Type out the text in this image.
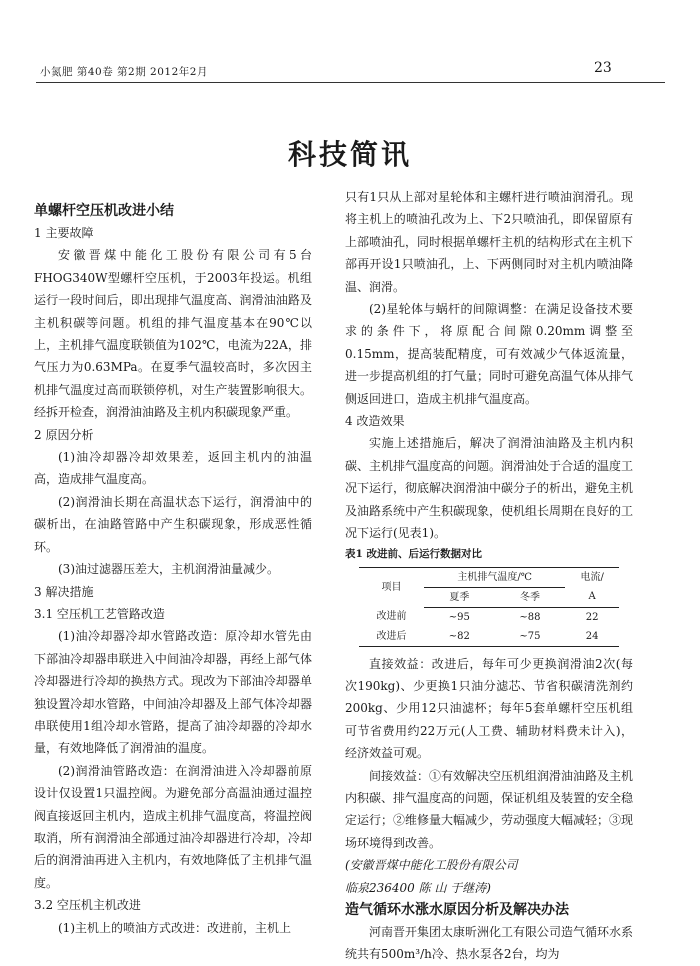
小氮肥 第40卷 第2期 2012年2月	23
科技简讯

单螺杆空压机改进小结

1 主要故障

安徽晋煤中能化工股份有限公司有5台FHOG340W型螺杆空压机，于2003年投运。机组运行一段时间后，即出现排气温度高、润滑油油路及主机积碳等问题。机组的排气温度基本在90℃以上，主机排气温度联锁值为102℃，电流为22A，排气压力为0.63MPa。在夏季气温较高时，多次因主机排气温度过高而联锁停机，对生产装置影响很大。经拆开检查，润滑油油路及主机内积碳现象严重。

2 原因分析

(1)油冷却器冷却效果差，返回主机内的油温高，造成排气温度高。

(2)润滑油长期在高温状态下运行，润滑油中的碳析出，在油路管路中产生积碳现象，形成恶性循环。

(3)油过滤器压差大，主机润滑油量减少。

3 解决措施

3.1 空压机工艺管路改造

(1)油冷却器冷却水管路改造：原冷却水管先由下部油冷却器串联进入中间油冷却器，再经上部气体冷却器进行冷却的换热方式。现改为下部油冷却器单独设置冷却水管路，中间油冷却器及上部气体冷却器串联使用1组冷却水管路，提高了油冷却器的冷却水量，有效地降低了润滑油的温度。

(2)润滑油管路改造：在润滑油进入冷却器前原设计仅设置1只温控阀。为避免部分高温油通过温控阀直接返回主机内，造成主机排气温度高，将温控阀取消，所有润滑油全部通过油冷却器进行冷却，冷却后的润滑油再进入主机内，有效地降低了主机排气温度。

3.2 空压机主机改进

(1)主机上的喷油方式改进：改进前，主机上

只有1只从上部对星轮体和主螺杆进行喷油润滑孔。现将主机上的喷油孔改为上、下2只喷油孔，即保留原有上部喷油孔，同时根据单螺杆主机的结构形式在主机下部再开设1只喷油孔，上、下两侧同时对主机内喷油降温、润滑。

(2)星轮体与蜗杆的间隙调整：在满足设备技术要求的条件下，将原配合间隙0.20mm调整至0.15mm，提高装配精度，可有效减少气体返流量，进一步提高机组的打气量；同时可避免高温气体从排气侧返回进口，造成主机排气温度高。

4 改造效果

实施上述措施后，解决了润滑油油路及主机内积碳、主机排气温度高的问题。润滑油处于合适的温度工况下运行，彻底解决润滑油中碳分子的析出，避免主机及油路系统中产生积碳现象，使机组长周期在良好的工况下运行(见表1)。

表1 改进前、后运行数据对比

项目	主机排气温度/℃		电流/
	夏季	冬季	A
改进前	~95	~88	22
改进后	~82	~75	24

直接效益：改进后，每年可少更换润滑油2次(每次190kg)、少更换1只油分滤芯、节省积碳清洗剂约200kg、少用12只油滤杯；每年5套单螺杆空压机组可节省费用约22万元(人工费、辅助材料费未计入)，经济效益可观。

间接效益：①有效解决空压机组润滑油油路及主机内积碳、排气温度高的问题，保证机组及装置的安全稳定运行；②维修量大幅减少，劳动强度大幅减轻；③现场环境得到改善。

(安徽晋煤中能化工股份有限公司

临泉236400 陈 山 于继涛)

造气循环水涨水原因分析及解决办法

河南晋开集团太康昕洲化工有限公司造气循环水系统共有500m³/h冷、热水泵各2台，均为
